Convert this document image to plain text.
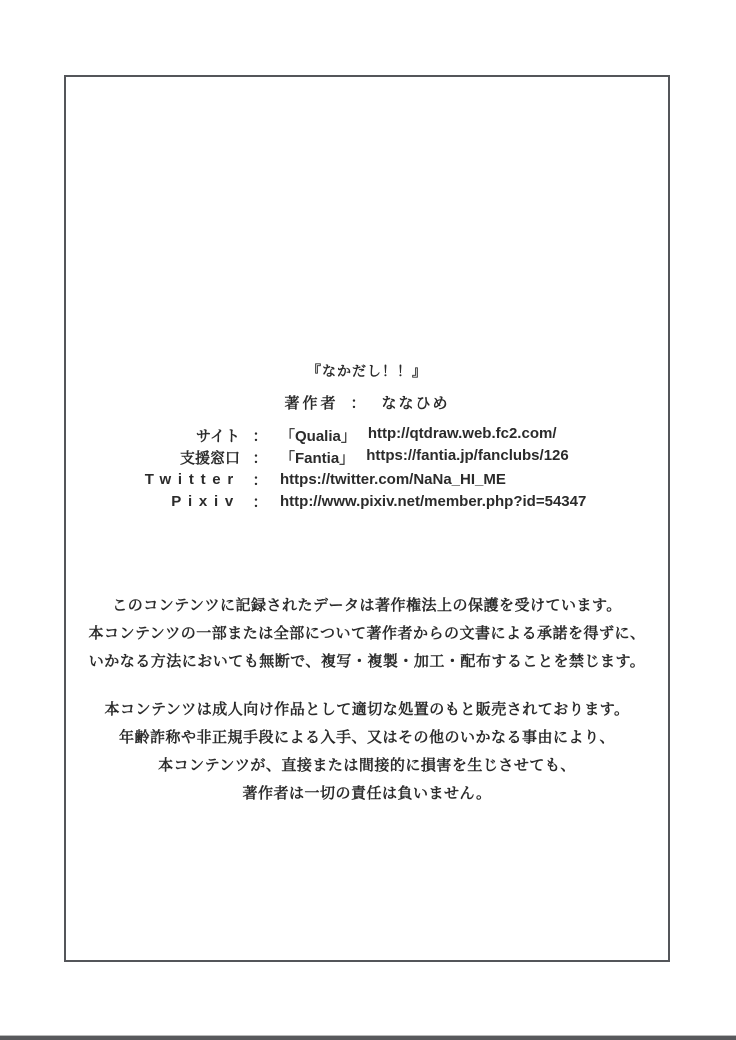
『なかだし！！』
著作者 ： ななひめ
サイト ： 「Qualia」 http://qtdraw.web.fc2.com/
支援窓口 ： 「Fantia」 https://fantia.jp/fanclubs/126
Twitter ： https://twitter.com/NaNa_HI_ME
Pixiv ： http://www.pixiv.net/member.php?id=54347
このコンテンツに記録されたデータは著作権法上の保護を受けています。
本コンテンツの一部または全部について著作者からの文書による承諾を得ずに、
いかなる方法においても無断で、複写・複製・加工・配布することを禁じます。
本コンテンツは成人向け作品として適切な処置のもと販売されております。
年齢詐称や非正規手段による入手、又はその他のいかなる事由により、
本コンテンツが、直接または間接的に損害を生じさせても、
著作者は一切の責任は負いません。
